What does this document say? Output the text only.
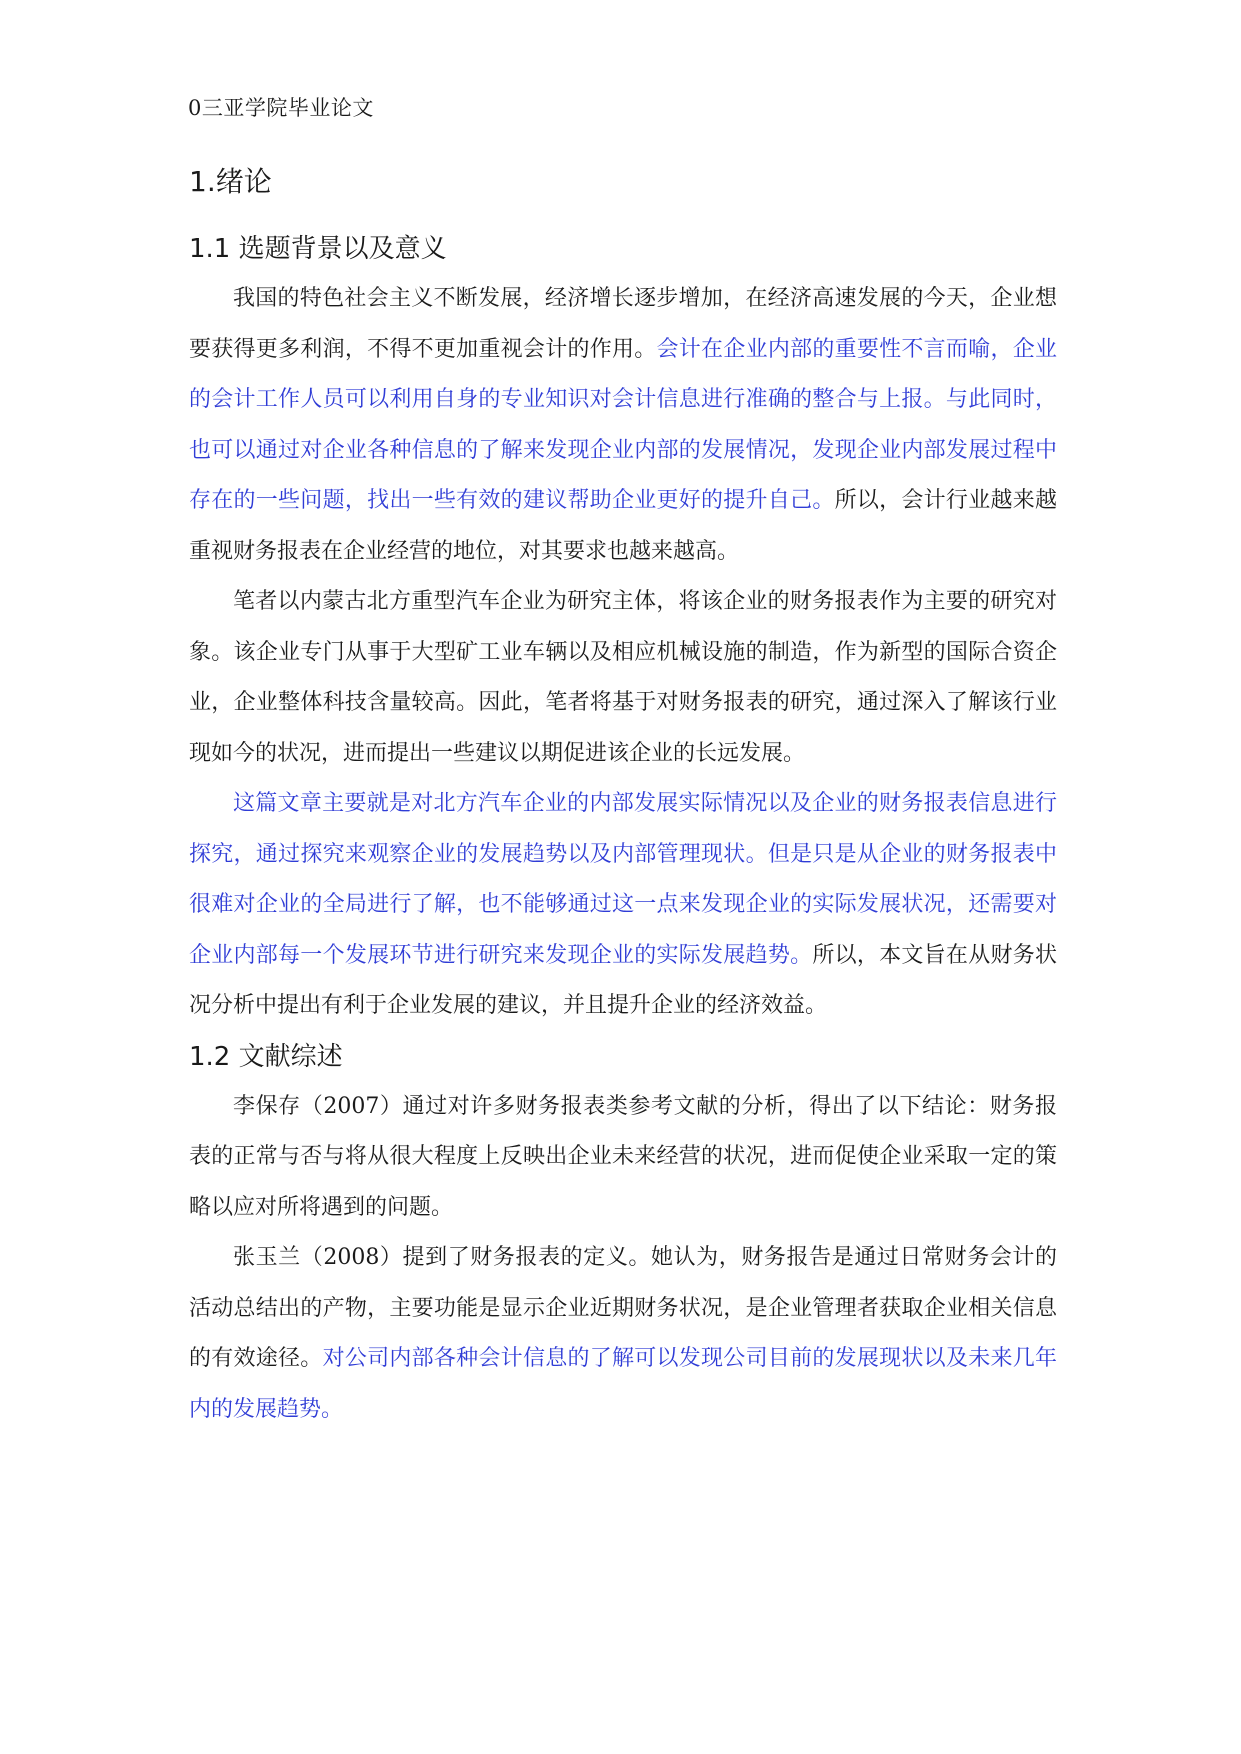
0三亚学院毕业论文
1.绪论
1.1 选题背景以及意义

我国的特色社会主义不断发展，经济增长逐步增加，在经济高速发展的今天，企业想要获得更多利润，不得不更加重视会计的作用。会计在企业内部的重要性不言而喻，企业的会计工作人员可以利用自身的专业知识对会计信息进行准确的整合与上报。与此同时，也可以通过对企业各种信息的了解来发现企业内部的发展情况，发现企业内部发展过程中存在的一些问题，找出一些有效的建议帮助企业更好的提升自己。所以，会计行业越来越重视财务报表在企业经营的地位，对其要求也越来越高。

笔者以内蒙古北方重型汽车企业为研究主体，将该企业的财务报表作为主要的研究对象。该企业专门从事于大型矿工业车辆以及相应机械设施的制造，作为新型的国际合资企业，企业整体科技含量较高。因此，笔者将基于对财务报表的研究，通过深入了解该行业现如今的状况，进而提出一些建议以期促进该企业的长远发展。

这篇文章主要就是对北方汽车企业的内部发展实际情况以及企业的财务报表信息进行探究，通过探究来观察企业的发展趋势以及内部管理现状。但是只是从企业的财务报表中很难对企业的全局进行了解，也不能够通过这一点来发现企业的实际发展状况，还需要对企业内部每一个发展环节进行研究来发现企业的实际发展趋势。所以，本文旨在从财务状况分析中提出有利于企业发展的建议，并且提升企业的经济效益。

1.2 文献综述

李保存（2007）通过对许多财务报表类参考文献的分析，得出了以下结论：财务报表的正常与否与将从很大程度上反映出企业未来经营的状况，进而促使企业采取一定的策略以应对所将遇到的问题。

张玉兰（2008）提到了财务报表的定义。她认为，财务报告是通过日常财务会计的活动总结出的产物，主要功能是显示企业近期财务状况，是企业管理者获取企业相关信息的有效途径。对公司内部各种会计信息的了解可以发现公司目前的发展现状以及未来几年内的发展趋势。
